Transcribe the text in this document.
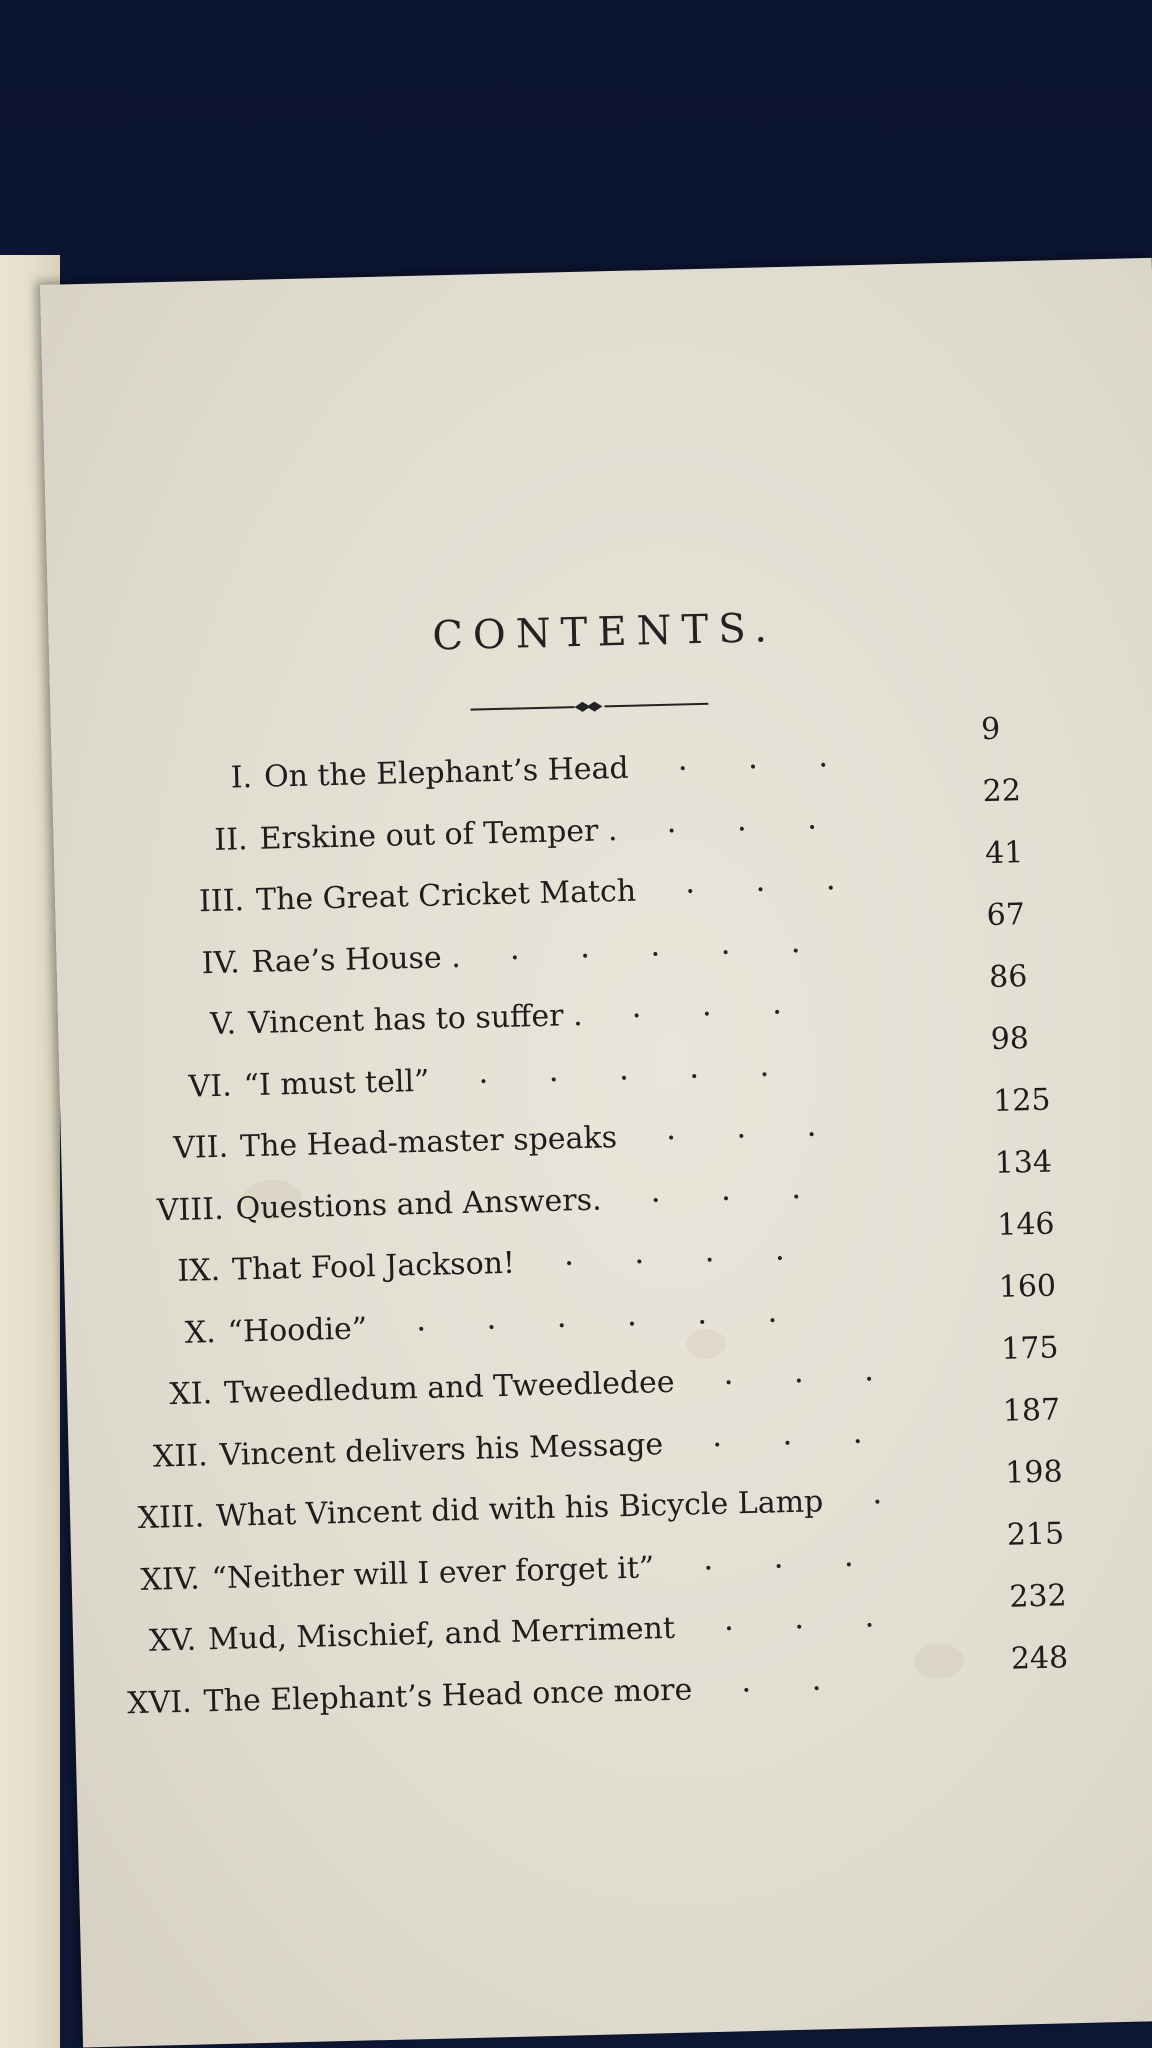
CONTENTS.
I. On the Elephant’s Head
9
•••
II. Erskine out of Temper .
22
•••
III. The Great Cricket Match
41
•••
IV. Rae’s House .
67
•••••
V. Vincent has to suffer .
86
•••
VI. “I must tell”
98
•••••
VII. The Head-master speaks
125
•••
VIII. Questions and Answers.
134
•••
IX. That Fool Jackson!
146
••••
X. “Hoodie”
160
••••••
XI. Tweedledum and Tweedledee
175
•••
XII. Vincent delivers his Message
187
•••
XIII. What Vincent did with his Bicycle Lamp
198
•
XIV. “Neither will I ever forget it”
215
•••
XV. Mud, Mischief, and Merriment
232
•••
XVI. The Elephant’s Head once more
248
••
